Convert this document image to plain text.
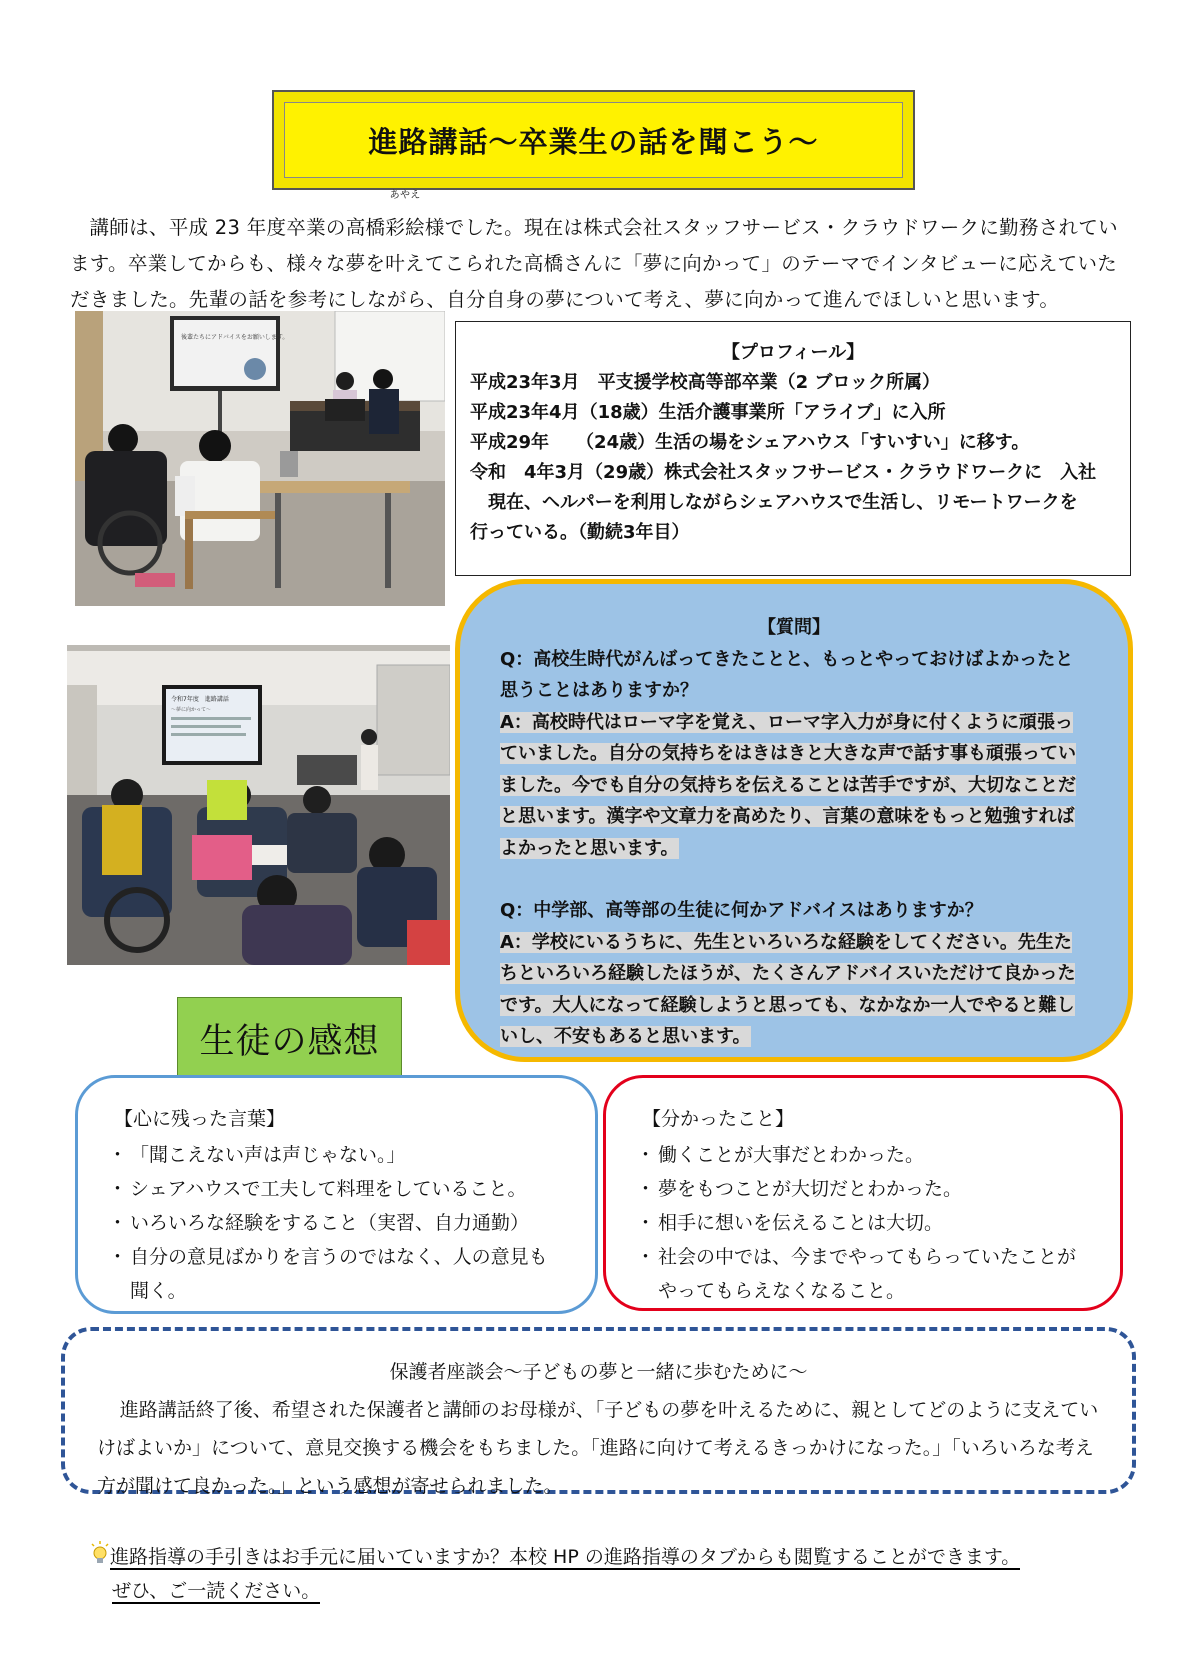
進路講話～卒業生の話を聞こう～
講師は、平成 23 年度卒業の高橋
あやえ
彩絵様でした。現在は株式会社スタッフサービス・クラウドワークに勤務されています。卒業してからも、様々な夢を叶えてこられた高橋さんに「夢に向かって」のテーマでインタビューに応えていただきました。先輩の話を参考にしながら、自分自身の夢について考え、夢に向かって進んでほしいと思います。
後輩たちにアドバイスをお願いします。
【プロフィール】
平成23年3月　平支援学校高等部卒業（2 ブロック所属）
平成23年4月（18歳）生活介護事業所「アライブ」に入所
平成29年　　（24歳）生活の場をシェアハウス「すいすい」に移す。
令和　4年3月（29歳）株式会社スタッフサービス・クラウドワークに　入社
　現在、ヘルパーを利用しながらシェアハウスで生活し、リモートワークを
行っている。（勤続3年目）
令和7年度　進路講話
～夢に向かって～
【質問】
Q：高校生時代がんばってきたことと、もっとやっておけばよかったと思うことはありますか？
A：高校時代はローマ字を覚え、ローマ字入力が身に付くように頑張っていました。自分の気持ちをはきはきと大きな声で話す事も頑張っていました。今でも自分の気持ちを伝えることは苦手ですが、大切なことだと思います。漢字や文章力を高めたり、言葉の意味をもっと勉強すればよかったと思います。
Q：中学部、高等部の生徒に何かアドバイスはありますか？
A：学校にいるうちに、先生といろいろな経験をしてください。先生たちといろいろ経験したほうが、たくさんアドバイスいただけて良かったです。大人になって経験しようと思っても、なかなか一人でやると難しいし、不安もあると思います。
生徒の感想
【心に残った言葉】
・ 「聞こえない声は声じゃない。」
・ シェアハウスで工夫して料理をしていること。
・ いろいろな経験をすること（実習、自力通勤）
・ 自分の意見ばかりを言うのではなく、人の意見も聞く。
【分かったこと】
・ 働くことが大事だとわかった。
・ 夢をもつことが大切だとわかった。
・ 相手に想いを伝えることは大切。
・ 社会の中では、今までやってもらっていたことがやってもらえなくなること。
保護者座談会～子どもの夢と一緒に歩むために～
進路講話終了後、希望された保護者と講師のお母様が、「子どもの夢を叶えるために、親としてどのように支えていけばよいか」について、意見交換する機会をもちました。「進路に向けて考えるきっかけになった。」「いろいろな考え方が聞けて良かった。」という感想が寄せられました。
進路指導の手引きはお手元に届いていますか？本校 HP の進路指導のタブからも閲覧することができます。
ぜひ、ご一読ください。
